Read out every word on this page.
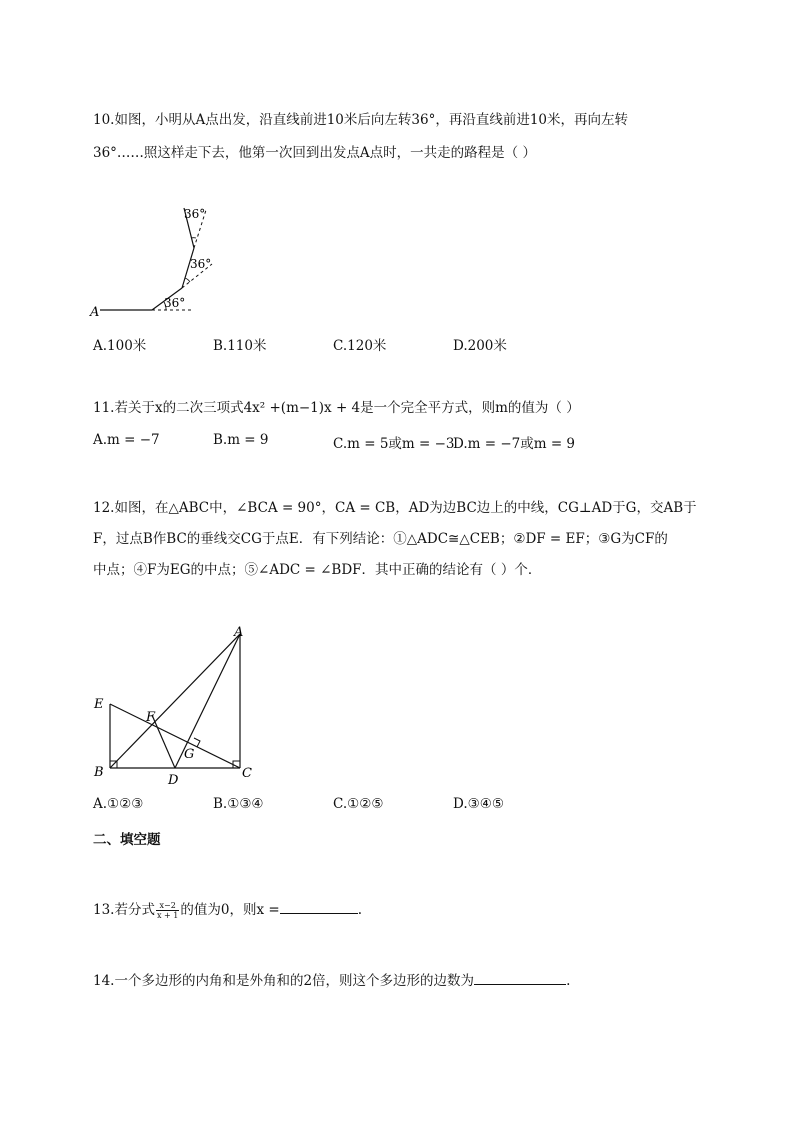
10.如图，小明从A点出发，沿直线前进10米后向左转36°，再沿直线前进10米，再向左转
36°……照这样走下去，他第一次回到出发点A点时，一共走的路程是（ ）
A
36°
36°
36°
A.100米	B.110米	C.120米	D.200米
11.若关于x的二次三项式4x² +(m−1)x + 4是一个完全平方式，则m的值为（ ）
A.m = −7	B.m = 9	C.m = 5或m = −3
D.m = −7或m = 9
12.如图，在△ABC中，∠BCA = 90°，CA = CB，AD为边BC边上的中线，CG⊥AD于G，交AB于
F，过点B作BC的垂线交CG于点E．有下列结论：①△ADC≅△CEB；②DF = EF；③G为CF的
中点；④F为EG的中点；⑤∠ADC = ∠BDF．其中正确的结论有（ ）个．
A
B	C
D
E
F
G
A.①②③	B.①③④	C.①②⑤	D.③④⑤
二、填空题
13.若分式 $\frac{x-2}{x + 1}$ 的值为0，则x =	.
14.一个多边形的内角和是外角和的2倍，则这个多边形的边数为	.
